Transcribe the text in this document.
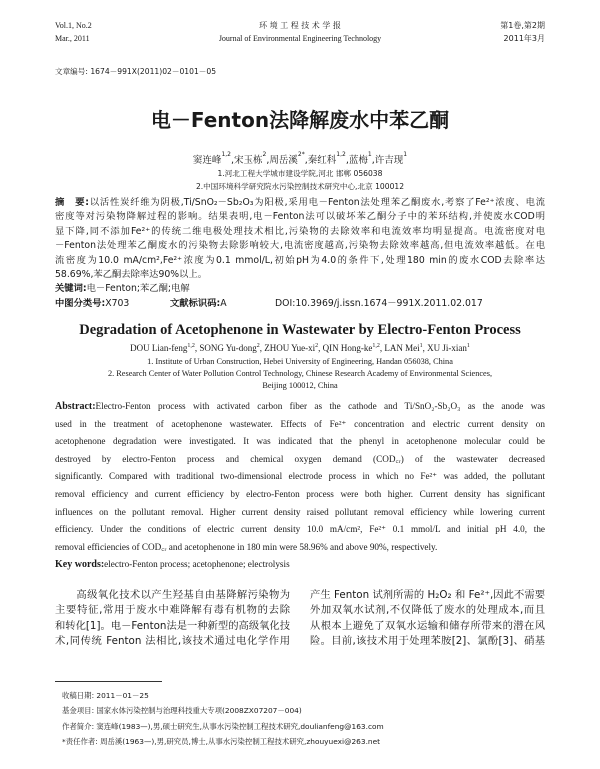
Vol.1, No.2
Mar., 2011
环 境 工 程 技 术 学 报
Journal of Environmental Engineering Technology
第1卷,第2期
2011年3月
文章编号: 1674－991X(2011)02－0101－05
电－Fenton法降解废水中苯乙酮
窦连峰$^{1,2}$,宋玉栋$^2$,周岳溪$^{2*}$,秦红科$^{1,2}$,蓝梅$^1$,许吉现$^1$
1.河北工程大学城市建设学院,河北 邯郸 056038
2.中国环境科学研究院水污染控制技术研究中心,北京 100012
摘　要:以活性炭纤维为阴极,Ti/SnO₂－Sb₂O₃为阳极,采用电－Fenton法处理苯乙酮废水,考察了Fe²⁺浓度、电流
密度等对污染物降解过程的影响。结果表明,电－Fenton法可以破坏苯乙酮分子中的苯环结构,并使废水COD明
显下降,同不添加Fe²⁺的传统二维电极处理技术相比,污染物的去除效率和电流效率均明显提高。电流密度对电
－Fenton法处理苯乙酮废水的污染物去除影响较大,电流密度越高,污染物去除效率越高,但电流效率越低。在电
流密度为10.0 mA/cm²,Fe²⁺浓度为0.1 mmol/L,初始pH为4.0的条件下,处理180 min的废水COD去除率达
58.69%,苯乙酮去除率达90%以上。
关键词:电－Fenton;苯乙酮;电解
中图分类号:X703	文献标识码:A	DOI:10.3969/j.issn.1674－991X.2011.02.017
Degradation of Acetophenone in Wastewater by Electro-Fenton Process
DOU Lian-feng$^{1,2}$, SONG Yu-dong$^2$, ZHOU Yue-$xi^2$, QIN Hong-ke$^{1,2}$, LAN Mei$^1$, XU Ji-xian$^1$
1. Institute of Urban Construction, Hebei University of Engineering, Handan 056038, China
2. Research Center of Water Pollution Control Technology, Chinese Research Academy of Environmental Sciences,
Beijing 100012, China
Abstract:Electro-Fenton process with activated carbon fiber as the cathode and Ti/SnO₂-Sb₂O₃ as the anode was
used in the treatment of acetophenone wastewater. Effects of Fe²⁺ concentration and electric current density on
acetophenone degradation were investigated. It was indicated that the phenyl in acetophenone molecular could be
destroyed by electro-Fenton process and chemical oxygen demand (COD꜀ᵣ) of the wastewater decreased
significantly. Compared with traditional two-dimensional electrode process in which no Fe²⁺ was added, the pollutant
removal efficiency and current efficiency by electro-Fenton process were both higher. Current density has significant
influences on the pollutant removal. Higher current density raised pollutant removal efficiency while lowering current
efficiency. Under the conditions of electric current density 10.0 mA/cm², Fe²⁺ 0.1 mmol/L and initial pH 4.0, the
removal efficiencies of COD꜀ᵣ and acetophenone in 180 min were 58.96% and above 90%, respectively.
Key words:electro-Fenton process; acetophenone; electrolysis
　　高级氧化技术以产生羟基自由基降解污染物为
主要特征,常用于废水中难降解有毒有机物的去除
和转化[1]。电－Fenton法是一种新型的高级氧化技
术,同传统 Fenton 法相比,该技术通过电化学作用
产生 Fenton 试剂所需的 H₂O₂ 和 Fe²⁺,因此不需要
外加双氧水试剂,不仅降低了废水的处理成本,而且
从根本上避免了双氧水运输和储存所带来的潜在风
险。目前,该技术用于处理苯胺[2]、氯酚[3]、硝基
收稿日期: 2011－01－25
基金项目: 国家水体污染控制与治理科技重大专项(2008ZX07207－004)
作者简介: 窦连峰(1983—),男,硕士研究生,从事水污染控制工程技术研究,doulianfeng@163.com
*责任作者: 周岳溪(1963—),男,研究员,博士,从事水污染控制工程技术研究,zhouyuexi@263.net
